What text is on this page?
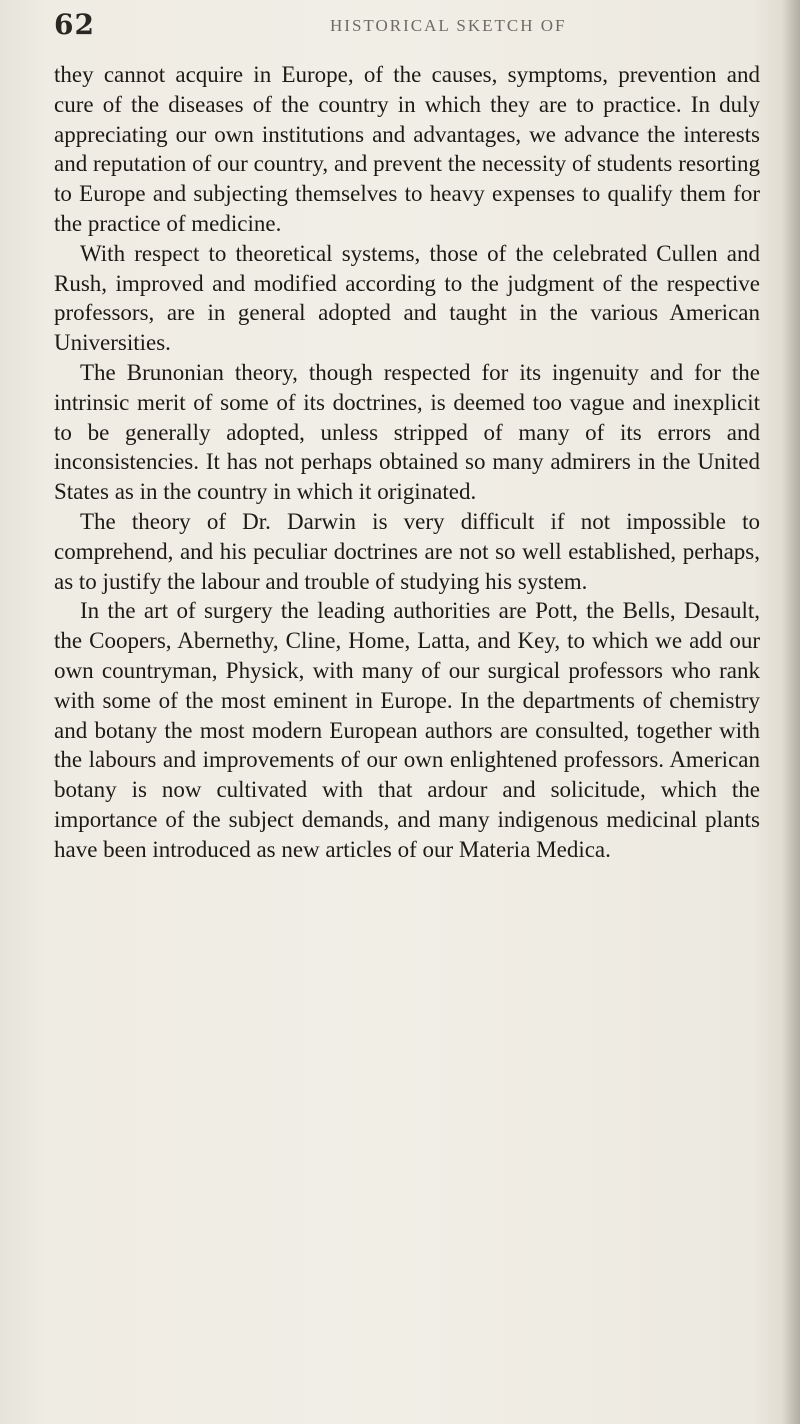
62	HISTORICAL SKETCH OF

they cannot acquire in Europe, of the causes, symptoms, prevention and cure of the diseases of the country in which they are to practice. In duly appreciating our own institutions and advantages, we advance the interests and reputation of our country, and prevent the necessity of students resorting to Europe and subjecting themselves to heavy expenses to qualify them for the practice of medicine.

With respect to theoretical systems, those of the celebrated Cullen and Rush, improved and modified according to the judgment of the respective professors, are in general adopted and taught in the various American Universities.

The Brunonian theory, though respected for its ingenuity and for the intrinsic merit of some of its doctrines, is deemed too vague and inexplicit to be generally adopted, unless stripped of many of its errors and inconsistencies. It has not perhaps obtained so many admirers in the United States as in the country in which it originated.

The theory of Dr. Darwin is very difficult if not impossible to comprehend, and his peculiar doctrines are not so well established, perhaps, as to justify the labour and trouble of studying his system.

In the art of surgery the leading authorities are Pott, the Bells, Desault, the Coopers, Abernethy, Cline, Home, Latta, and Key, to which we add our own countryman, Physick, with many of our surgical professors who rank with some of the most eminent in Europe. In the departments of chemistry and botany the most modern European authors are consulted, together with the labours and improvements of our own enlightened professors. American botany is now cultivated with that ardour and solicitude, which the importance of the subject demands, and many indigenous medicinal plants have been introduced as new articles of our Materia Medica.
